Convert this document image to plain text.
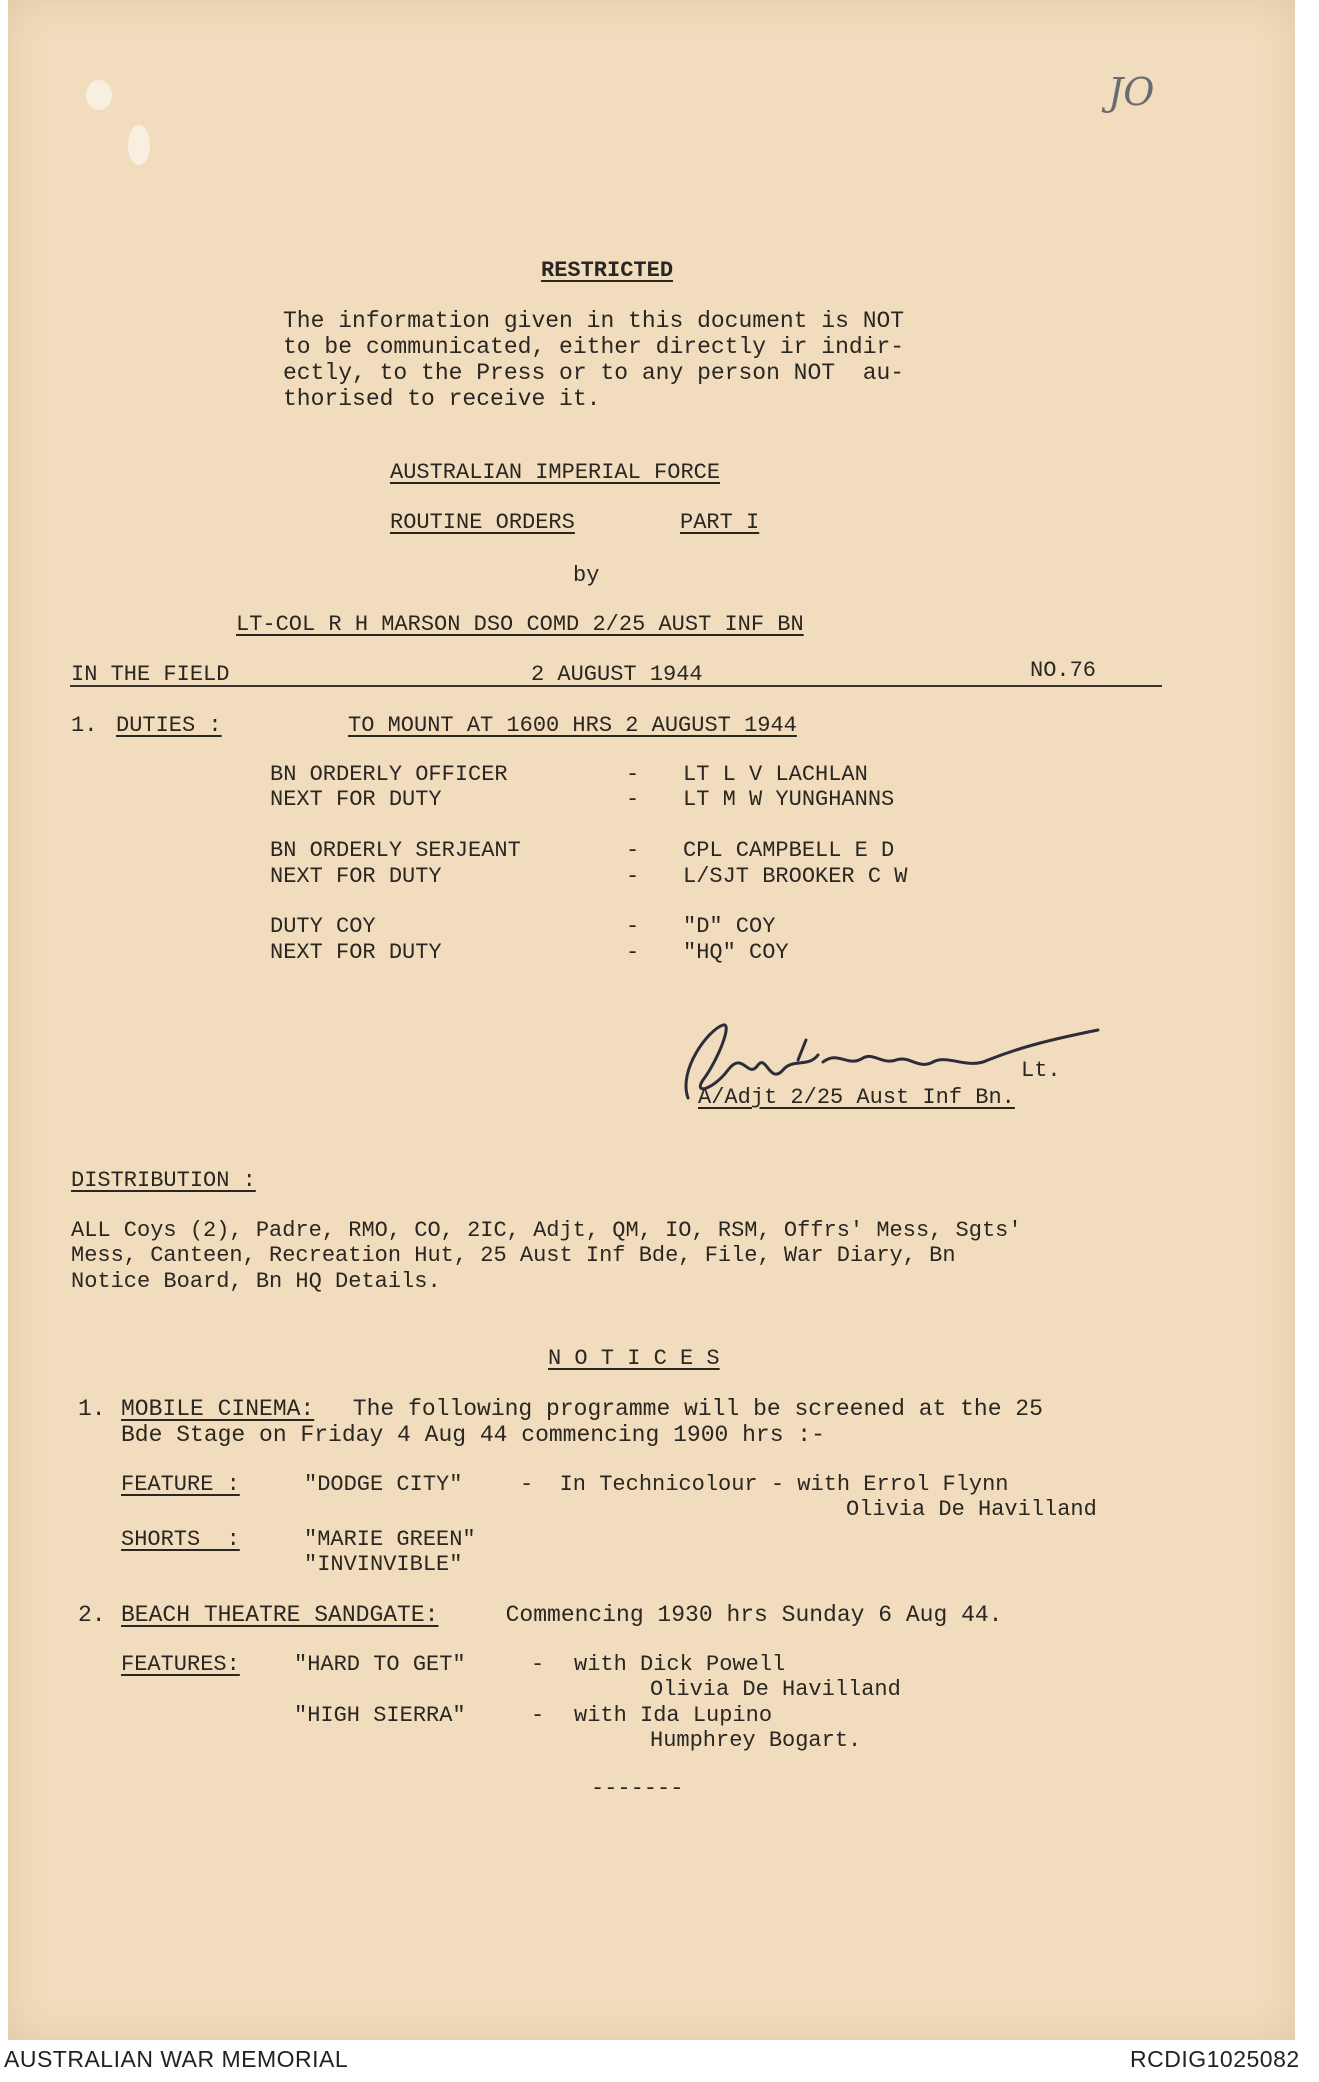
JO
RESTRICTED
The information given in this document is NOT
to be communicated, either directly ir indir-
ectly, to the Press or to any person NOT  au-
thorised to receive it.
AUSTRALIAN IMPERIAL FORCE
ROUTINE ORDERS	PART I
by
LT-COL R H MARSON DSO COMD 2/25 AUST INF BN
IN THE FIELD	2 AUGUST 1944	NO.76
1. DUTIES :	TO MOUNT AT 1600 HRS 2 AUGUST 1944
BN ORDERLY OFFICER	- LT L V LACHLAN
NEXT FOR DUTY	- LT M W YUNGHANNS
BN ORDERLY SERJEANT	- CPL CAMPBELL E D
NEXT FOR DUTY	- L/SJT BROOKER C W
DUTY COY	- "D" COY
NEXT FOR DUTY	- "HQ" COY
Lt.
A/Adjt 2/25 Aust Inf Bn.
DISTRIBUTION :
ALL Coys (2), Padre, RMO, CO, 2IC, Adjt, QM, IO, RSM, Offrs' Mess, Sgts'
Mess, Canteen, Recreation Hut, 25 Aust Inf Bde, File, War Diary, Bn
Notice Board, Bn HQ Details.
N O T I C E S
1. MOBILE CINEMA: The following programme will be screened at the 25
Bde Stage on Friday 4 Aug 44 commencing 1900 hrs :-
FEATURE :	"DODGE CITY"	-  In Technicolour - with Errol Flynn
Olivia De Havilland
SHORTS  :	"MARIE GREEN"
"INVINVIBLE"
2. BEACH THEATRE SANDGATE: Commencing 1930 hrs Sunday 6 Aug 44.
FEATURES: "HARD TO GET"	- with Dick Powell
Olivia De Havilland
"HIGH SIERRA"	- with Ida Lupino
Humphrey Bogart.
-------
AUSTRALIAN WAR MEMORIAL	RCDIG1025082
